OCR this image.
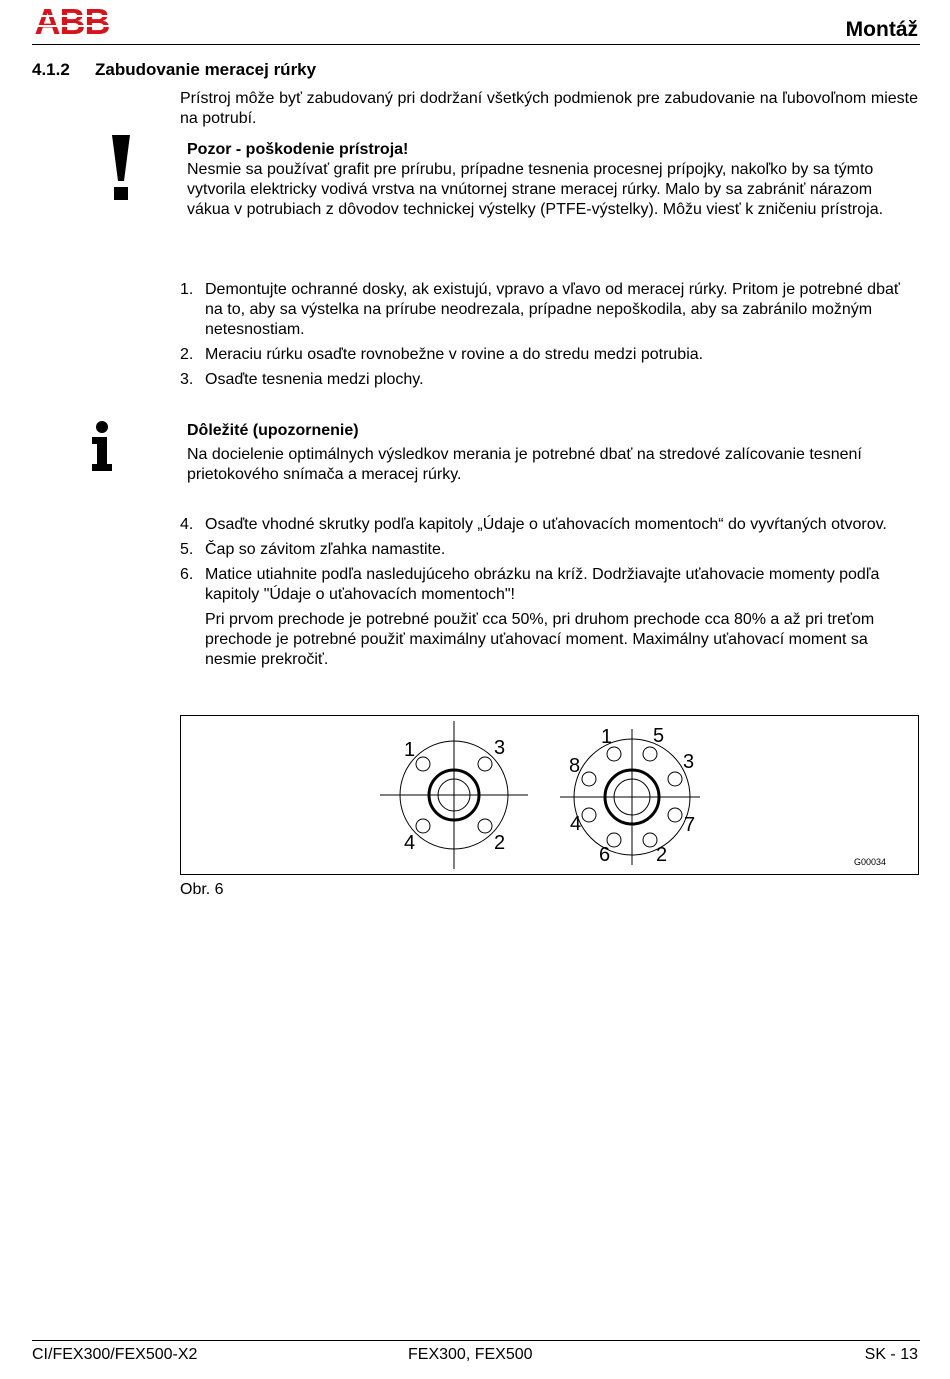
ABB	Montáž
4.1.2 Zabudovanie meracej rúrky
Prístroj môže byť zabudovaný pri dodržaní všetkých podmienok pre zabudovanie na ľubovoľnom mieste na potrubí.
Pozor - poškodenie prístroja!
Nesmie sa používať grafit pre prírubu, prípadne tesnenia procesnej prípojky, nakoľko by sa týmto vytvorila elektricky vodivá vrstva na vnútornej strane meracej rúrky. Malo by sa zabrániť nárazom vákua v potrubiach z dôvodov technickej výstelky (PTFE-výstelky). Môžu viesť k zničeniu prístroja.
1. Demontujte ochranné dosky, ak existujú, vpravo a vľavo od meracej rúrky. Pritom je potrebné dbať na to, aby sa výstelka na prírube neodrezala, prípadne nepoškodila, aby sa zabránilo možným netesnostiam.
2. Meraciu rúrku osaďte rovnobežne v rovine a do stredu medzi potrubia.
3. Osaďte tesnenia medzi plochy.
Dôležité (upozornenie)
Na docielenie optimálnych výsledkov merania je potrebné dbať na stredové zalícovanie tesnení prietokového snímača a meracej rúrky.
4. Osaďte vhodné skrutky podľa kapitoly „Údaje o uťahovacích momentoch“ do vyvŕtaných otvorov.
5. Čap so závitom zľahka namastite.
6. Matice utiahnite podľa nasledujúceho obrázku na kríž. Dodržiavajte uťahovacie momenty podľa kapitoly "Údaje o uťahovacích momentoch"!
Pri prvom prechode je potrebné použiť cca 50%, pri druhom prechode cca 80% a až pri treťom prechode je potrebné použiť maximálny uťahovací moment. Maximálny uťahovací moment sa nesmie prekročiť.
1	3
4	2
1 5
8	3
4	7
6 2	G00034
Obr. 6
CI/FEX300/FEX500-X2	FEX300, FEX500	SK - 13
